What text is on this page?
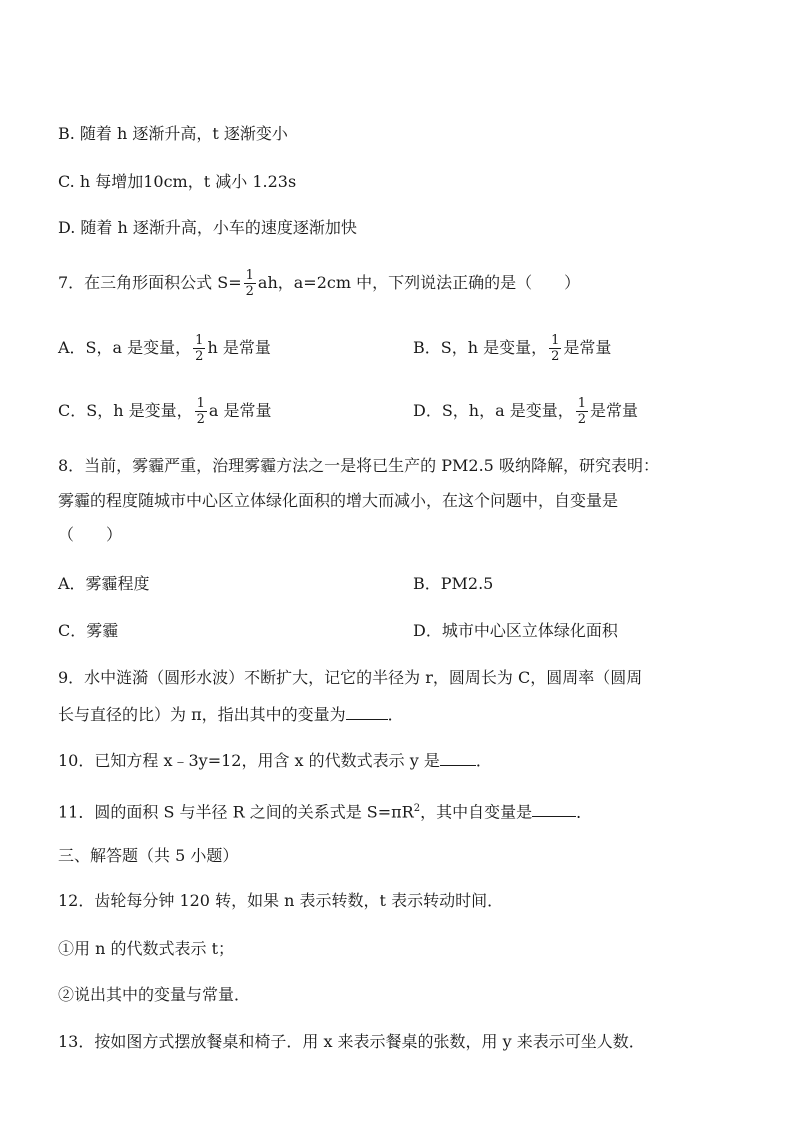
B. 随着 h 逐渐升高，t 逐渐变小
C. h 每增加10cm，t 减小 1.23s
D. 随着 h 逐渐升高，小车的速度逐渐加快
7．在三角形面积公式 $S= \frac{1}{2}$ ah，a=2cm 中，下列说法正确的是（　　）
A．S，a 是变量， $\frac{1}{2}$ h 是常量	B．S，h 是变量， $\frac{1}{2}$ 是常量
C．S，h 是变量， $\frac{1}{2}$ a 是常量	D．S，h，a 是变量， $\frac{1}{2}$ 是常量
8．当前，雾霾严重，治理雾霾方法之一是将已生产的 PM2.5 吸纳降解，研究表明：
雾霾的程度随城市中心区立体绿化面积的增大而减小，在这个问题中，自变量是
（　　）
A．雾霾程度	B．PM2.5
C．雾霾	D．城市中心区立体绿化面积
9．水中涟漪（圆形水波）不断扩大，记它的半径为 r，圆周长为 C，圆周率（圆周
长与直径的比）为 π，指出其中的变量为	．
10．已知方程 x﹣3y=12，用含 x 的代数式表示 y 是 ．
11．圆的面积 S 与半径 R 之间的关系式是 $S=\pi R^2$，其中自变量是	．
三、解答题（共 5 小题）
12．齿轮每分钟 120 转，如果 n 表示转数，t 表示转动时间．
①用 n 的代数式表示 t；
②说出其中的变量与常量．
13．按如图方式摆放餐桌和椅子．用 x 来表示餐桌的张数，用 y 来表示可坐人数．
